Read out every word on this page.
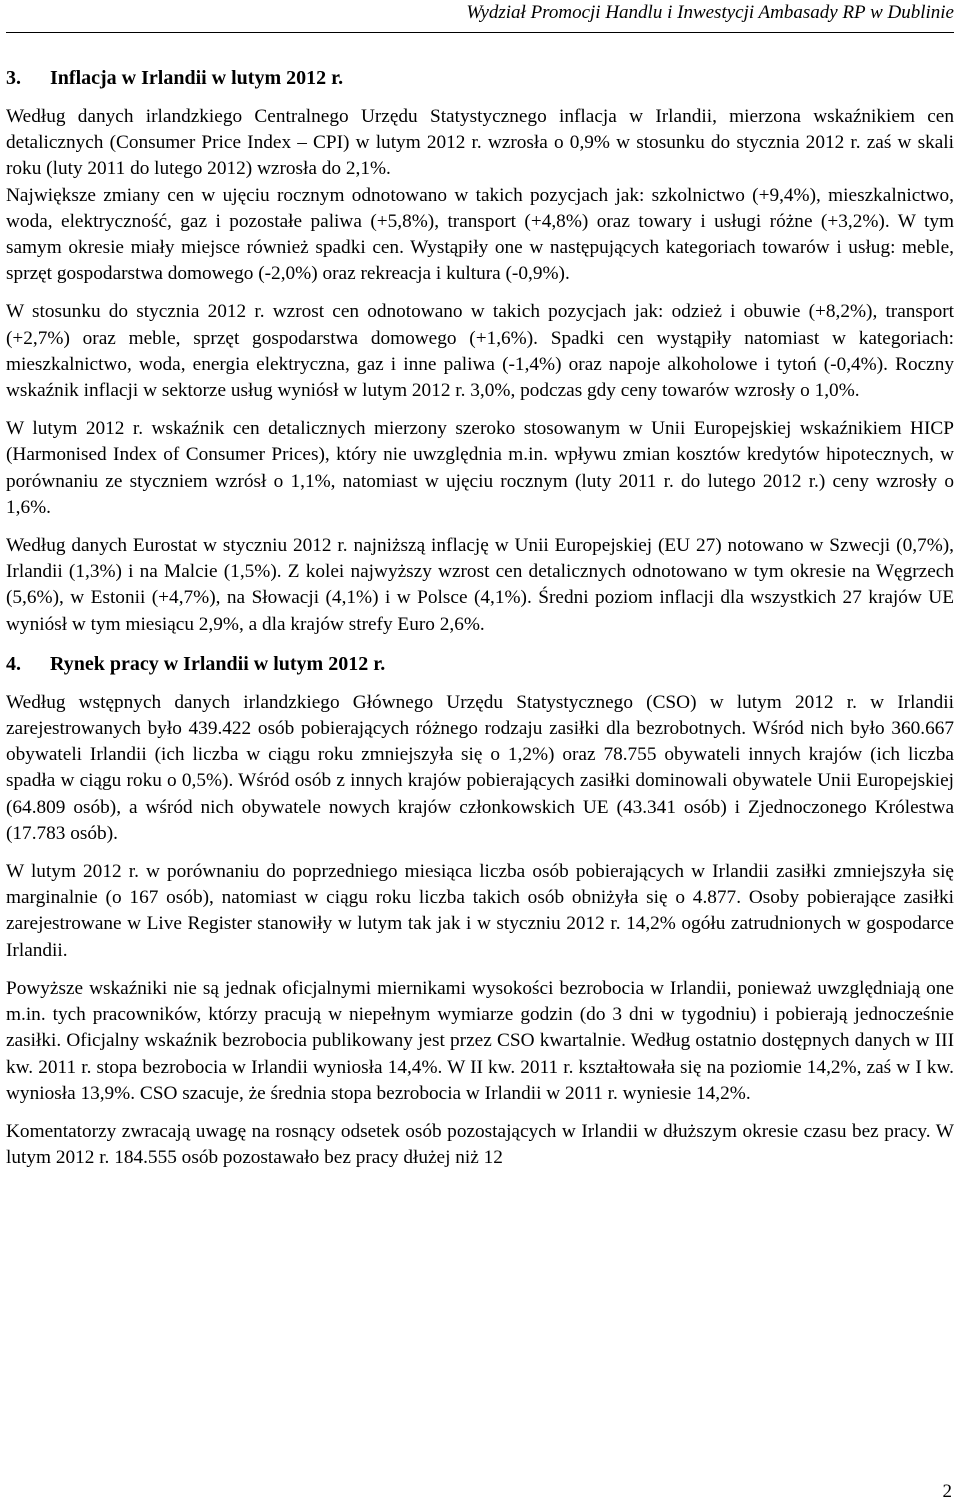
Wydział Promocji Handlu i Inwestycji Ambasady RP w Dublinie
3. Inflacja w Irlandii w lutym 2012 r.

Według danych irlandzkiego Centralnego Urzędu Statystycznego inflacja w Irlandii, mierzona wskaźnikiem cen detalicznych (Consumer Price Index – CPI) w lutym 2012 r. wzrosła o 0,9% w stosunku do stycznia 2012 r. zaś w skali roku (luty 2011 do lutego 2012) wzrosła do 2,1%.

Największe zmiany cen w ujęciu rocznym odnotowano w takich pozycjach jak: szkolnictwo (+9,4%), mieszkalnictwo, woda, elektryczność, gaz i pozostałe paliwa (+5,8%), transport (+4,8%) oraz towary i usługi różne (+3,2%). W tym samym okresie miały miejsce również spadki cen. Wystąpiły one w następujących kategoriach towarów i usług: meble, sprzęt gospodarstwa domowego (-2,0%) oraz rekreacja i kultura (-0,9%).

W stosunku do stycznia 2012 r. wzrost cen odnotowano w takich pozycjach jak: odzież i obuwie (+8,2%), transport (+2,7%) oraz meble, sprzęt gospodarstwa domowego (+1,6%). Spadki cen wystąpiły natomiast w kategoriach: mieszkalnictwo, woda, energia elektryczna, gaz i inne paliwa (-1,4%) oraz napoje alkoholowe i tytoń (-0,4%). Roczny wskaźnik inflacji w sektorze usług wyniósł w lutym 2012 r. 3,0%, podczas gdy ceny towarów wzrosły o 1,0%.

W lutym 2012 r. wskaźnik cen detalicznych mierzony szeroko stosowanym w Unii Europejskiej wskaźnikiem HICP (Harmonised Index of Consumer Prices), który nie uwzględnia m.in. wpływu zmian kosztów kredytów hipotecznych, w porównaniu ze styczniem wzrósł o 1,1%, natomiast w ujęciu rocznym (luty 2011 r. do lutego 2012 r.) ceny wzrosły o 1,6%.

Według danych Eurostat w styczniu 2012 r. najniższą inflację w Unii Europejskiej (EU 27) notowano w Szwecji (0,7%), Irlandii (1,3%) i na Malcie (1,5%). Z kolei najwyższy wzrost cen detalicznych odnotowano w tym okresie na Węgrzech (5,6%), w Estonii (+4,7%), na Słowacji (4,1%) i w Polsce (4,1%). Średni poziom inflacji dla wszystkich 27 krajów UE wyniósł w tym miesiącu 2,9%, a dla krajów strefy Euro 2,6%.

4. Rynek pracy w Irlandii w lutym 2012 r.

Według wstępnych danych irlandzkiego Głównego Urzędu Statystycznego (CSO) w lutym 2012 r. w Irlandii zarejestrowanych było 439.422 osób pobierających różnego rodzaju zasiłki dla bezrobotnych. Wśród nich było 360.667 obywateli Irlandii (ich liczba w ciągu roku zmniejszyła się o 1,2%) oraz 78.755 obywateli innych krajów (ich liczba spadła w ciągu roku o 0,5%). Wśród osób z innych krajów pobierających zasiłki dominowali obywatele Unii Europejskiej (64.809 osób), a wśród nich obywatele nowych krajów członkowskich UE (43.341 osób) i Zjednoczonego Królestwa (17.783 osób).

W lutym 2012 r. w porównaniu do poprzedniego miesiąca liczba osób pobierających w Irlandii zasiłki zmniejszyła się marginalnie (o 167 osób), natomiast w ciągu roku liczba takich osób obniżyła się o 4.877. Osoby pobierające zasiłki zarejestrowane w Live Register stanowiły w lutym tak jak i w styczniu 2012 r. 14,2% ogółu zatrudnionych w gospodarce Irlandii.

Powyższe wskaźniki nie są jednak oficjalnymi miernikami wysokości bezrobocia w Irlandii, ponieważ uwzględniają one m.in. tych pracowników, którzy pracują w niepełnym wymiarze godzin (do 3 dni w tygodniu) i pobierają jednocześnie zasiłki. Oficjalny wskaźnik bezrobocia publikowany jest przez CSO kwartalnie. Według ostatnio dostępnych danych w III kw. 2011 r. stopa bezrobocia w Irlandii wyniosła 14,4%. W II kw. 2011 r. kształtowała się na poziomie 14,2%, zaś w I kw. wyniosła 13,9%. CSO szacuje, że średnia stopa bezrobocia w Irlandii w 2011 r. wyniesie 14,2%.

Komentatorzy zwracają uwagę na rosnący odsetek osób pozostających w Irlandii w dłuższym okresie czasu bez pracy. W lutym 2012 r. 184.555 osób pozostawało bez pracy dłużej niż 12

2
